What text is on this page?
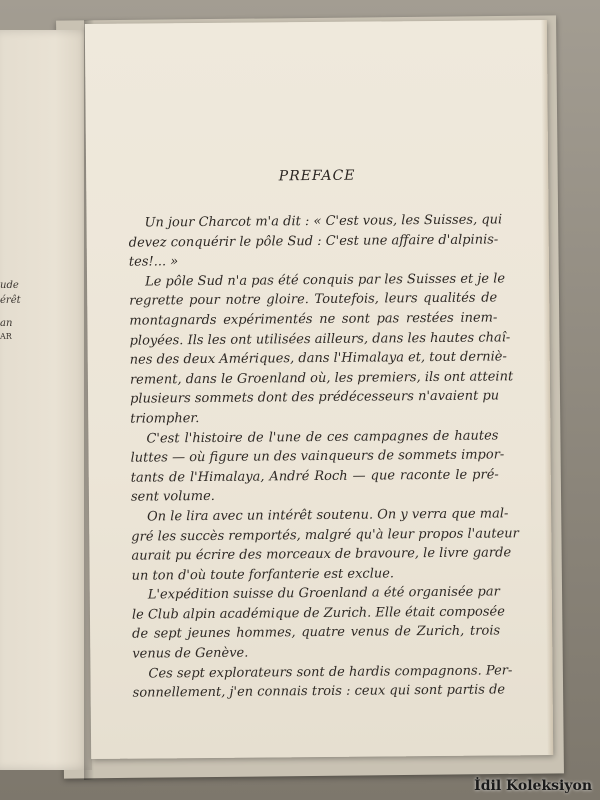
ude
érêt
an
AR
PREFACE
Un jour Charcot m'a dit : « C'est vous, les Suisses, qui
devez conquérir le pôle Sud : C'est une affaire d'alpinis-
tes!... »
Le pôle Sud n'a pas été conquis par les Suisses et je le
regrette pour notre gloire. Toutefois, leurs qualités de
montagnards expérimentés ne sont pas restées inem-
ployées. Ils les ont utilisées ailleurs, dans les hautes chaî-
nes des deux Amériques, dans l'Himalaya et, tout derniè-
rement, dans le Groenland où, les premiers, ils ont atteint
plusieurs sommets dont des prédécesseurs n'avaient pu
triompher.
C'est l'histoire de l'une de ces campagnes de hautes
luttes — où figure un des vainqueurs de sommets impor-
tants de l'Himalaya, André Roch — que raconte le pré-
sent volume.
On le lira avec un intérêt soutenu. On y verra que mal-
gré les succès remportés, malgré qu'à leur propos l'auteur
aurait pu écrire des morceaux de bravoure, le livre garde
un ton d'où toute forfanterie est exclue.
L'expédition suisse du Groenland a été organisée par
le Club alpin académique de Zurich. Elle était composée
de sept jeunes hommes, quatre venus de Zurich, trois
venus de Genève.
Ces sept explorateurs sont de hardis compagnons. Per-
sonnellement, j'en connais trois : ceux qui sont partis de
İdil Koleksiyon
